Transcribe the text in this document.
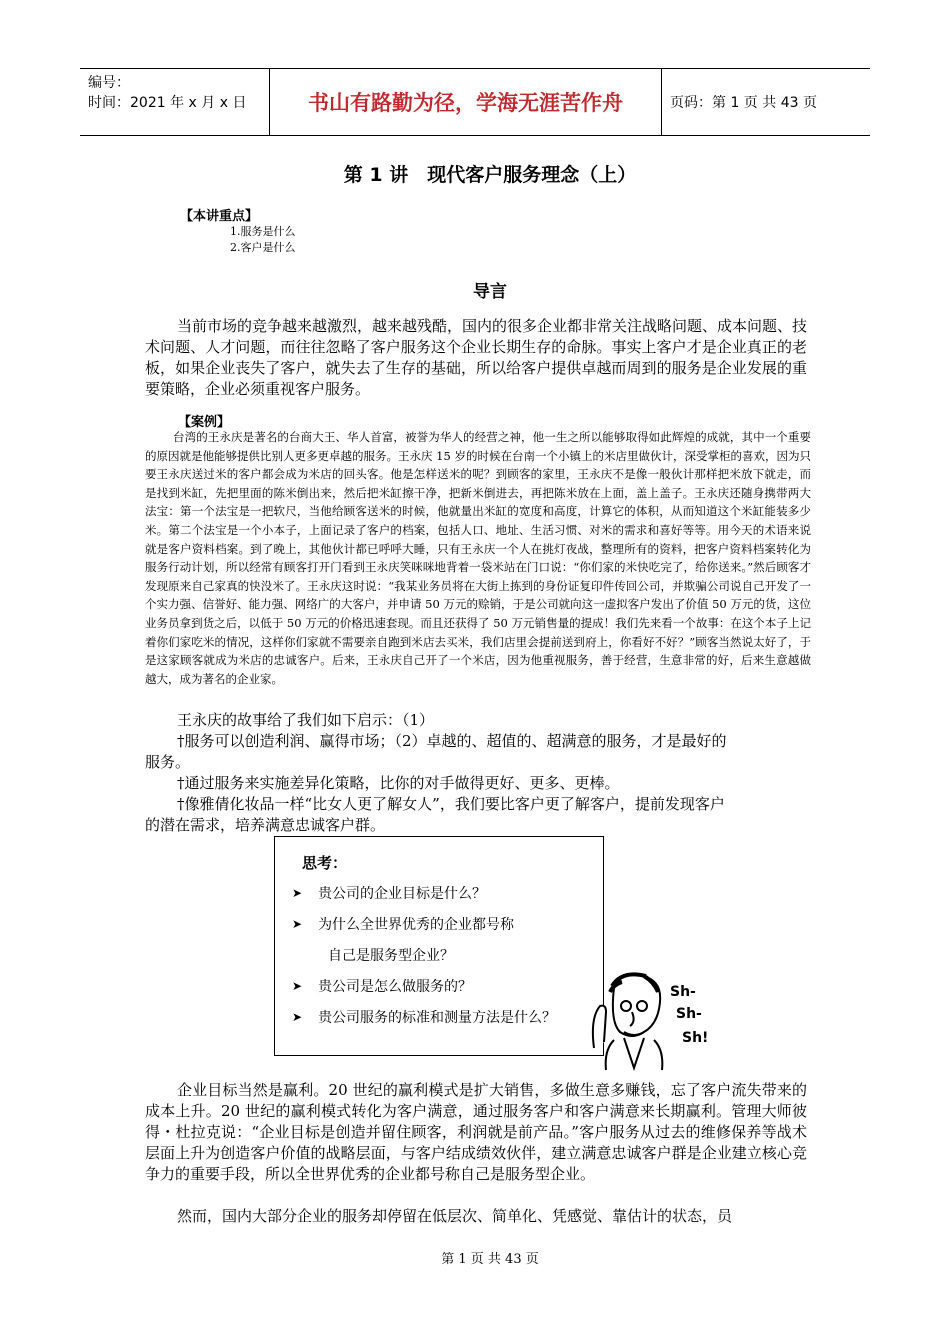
编号：
时间：2021 年 x 月 x 日	书山有路勤为径，学海无涯苦作舟	页码：第 1 页 共 43 页
第 1 讲　现代客户服务理念（上）
【本讲重点】
1.服务是什么
2.客户是什么
导言
当前市场的竞争越来越激烈，越来越残酷，国内的很多企业都非常关注战略问题、成本问题、技术问题、人才问题，而往往忽略了客户服务这个企业长期生存的命脉。事实上客户才是企业真正的老板，如果企业丧失了客户，就失去了生存的基础，所以给客户提供卓越而周到的服务是企业发展的重要策略，企业必须重视客户服务。
【案例】
台湾的王永庆是著名的台商大王、华人首富，被誉为华人的经营之神，他一生之所以能够取得如此辉煌的成就，其中一个重要的原因就是他能够提供比别人更多更卓越的服务。王永庆 15 岁的时候在台南一个小镇上的米店里做伙计，深受掌柜的喜欢，因为只要王永庆送过米的客户都会成为米店的回头客。他是怎样送米的呢？到顾客的家里，王永庆不是像一般伙计那样把米放下就走，而是找到米缸，先把里面的陈米倒出来，然后把米缸擦干净，把新米倒进去，再把陈米放在上面，盖上盖子。王永庆还随身携带两大法宝：第一个法宝是一把软尺，当他给顾客送米的时候，他就量出米缸的宽度和高度，计算它的体积，从而知道这个米缸能装多少米。第二个法宝是一个小本子，上面记录了客户的档案，包括人口、地址、生活习惯、对米的需求和喜好等等。用今天的术语来说就是客户资料档案。到了晚上，其他伙计都已呼呼大睡，只有王永庆一个人在挑灯夜战，整理所有的资料，把客户资料档案转化为服务行动计划，所以经常有顾客打开门看到王永庆笑咪咪地背着一袋米站在门口说：“你们家的米快吃完了，给你送来。”然后顾客才发现原来自己家真的快没米了。王永庆这时说：“我某业务员将在大街上拣到的身份证复印件传回公司，并欺骗公司说自己开发了一个实力强、信誉好、能力强、网络广的大客户，并申请 50 万元的赊销，于是公司就向这一虚拟客户发出了价值 50 万元的货，这位业务员拿到货之后，以低于 50 万元的价格迅速套现。而且还获得了 50 万元销售量的提成！我们先来看一个故事：在这个本子上记着你们家吃米的情况，这样你们家就不需要亲自跑到米店去买米，我们店里会提前送到府上，你看好不好？”顾客当然说太好了，于是这家顾客就成为米店的忠诚客户。后来，王永庆自己开了一个米店，因为他重视服务，善于经营，生意非常的好，后来生意越做越大，成为著名的企业家。
王永庆的故事给了我们如下启示：（1）
†服务可以创造利润、赢得市场；（2）卓越的、超值的、超满意的服务，才是最好的
服务。
†通过服务来实施差异化策略，比你的对手做得更好、更多、更棒。
†像雅倩化妆品一样“比女人更了解女人”，我们要比客户更了解客户，提前发现客户
的潜在需求，培养满意忠诚客户群。
思考：
➤ 贵公司的企业目标是什么？
➤ 为什么全世界优秀的企业都号称
自己是服务型企业？
➤ 贵公司是怎么做服务的？
➤ 贵公司服务的标准和测量方法是什么？
Sh-
Sh-
Sh!
企业目标当然是赢利。20 世纪的赢利模式是扩大销售，多做生意多赚钱，忘了客户流失带来的成本上升。20 世纪的赢利模式转化为客户满意，通过服务客户和客户满意来长期赢利。管理大师彼得・杜拉克说：“企业目标是创造并留住顾客，利润就是前产品。”客户服务从过去的维修保养等战术层面上升为创造客户价值的战略层面，与客户结成绩效伙伴，建立满意忠诚客户群是企业建立核心竞争力的重要手段，所以全世界优秀的企业都号称自己是服务型企业。
然而，国内大部分企业的服务却停留在低层次、简单化、凭感觉、靠估计的状态，员
第 1 页 共 43 页
